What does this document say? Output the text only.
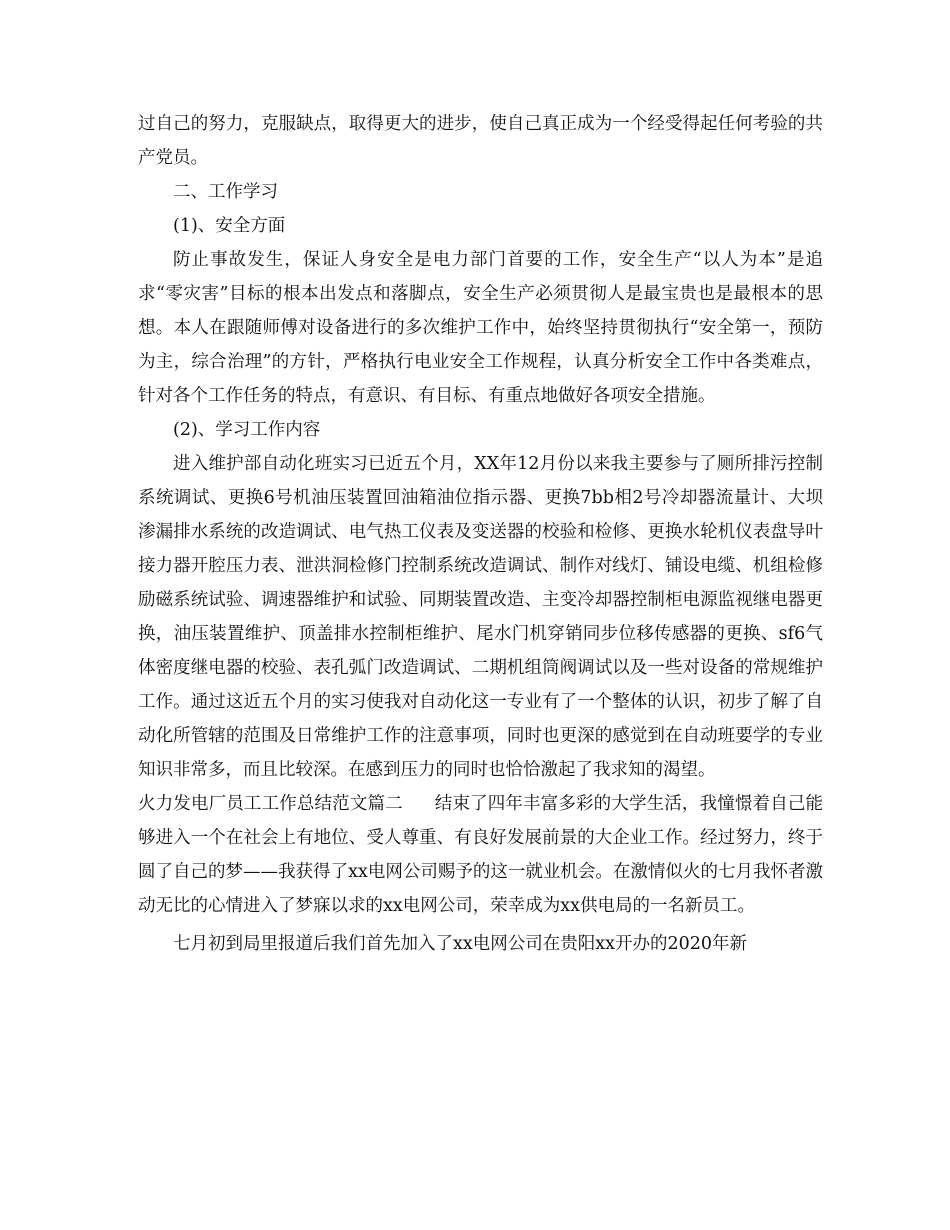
过自己的努力，克服缺点，取得更大的进步，使自己真正成为一个经受得起任何考验的共产党员。

二、工作学习

(1)、安全方面

防止事故发生，保证人身安全是电力部门首要的工作，安全生产“以人为本”是追求“零灾害”目标的根本出发点和落脚点，安全生产必须贯彻人是最宝贵也是最根本的思想。本人在跟随师傅对设备进行的多次维护工作中，始终坚持贯彻执行“安全第一，预防为主，综合治理”的方针，严格执行电业安全工作规程，认真分析安全工作中各类难点，针对各个工作任务的特点，有意识、有目标、有重点地做好各项安全措施。

(2)、学习工作内容

进入维护部自动化班实习已近五个月，XX年12月份以来我主要参与了厕所排污控制系统调试、更换6号机油压装置回油箱油位指示器、更换7bb相2号冷却器流量计、大坝渗漏排水系统的改造调试、电气热工仪表及变送器的校验和检修、更换水轮机仪表盘导叶接力器开腔压力表、泄洪洞检修门控制系统改造调试、制作对线灯、铺设电缆、机组检修励磁系统试验、调速器维护和试验、同期装置改造、主变冷却器控制柜电源监视继电器更换，油压装置维护、顶盖排水控制柜维护、尾水门机穿销同步位移传感器的更换、sf6气体密度继电器的校验、表孔弧门改造调试、二期机组筒阀调试以及一些对设备的常规维护工作。通过这近五个月的实习使我对自动化这一专业有了一个整体的认识，初步了解了自动化所管辖的范围及日常维护工作的注意事项，同时也更深的感觉到在自动班要学的专业知识非常多，而且比较深。在感到压力的同时也恰恰激起了我求知的渴望。

火力发电厂员工工作总结范文篇二 结束了四年丰富多彩的大学生活，我憧憬着自己能够进入一个在社会上有地位、受人尊重、有良好发展前景的大企业工作。经过努力，终于圆了自己的梦——我获得了xx电网公司赐予的这一就业机会。在激情似火的七月我怀者激动无比的心情进入了梦寐以求的xx电网公司，荣幸成为xx供电局的一名新员工。

七月初到局里报道后我们首先加入了xx电网公司在贵阳xx开办的2020年新
